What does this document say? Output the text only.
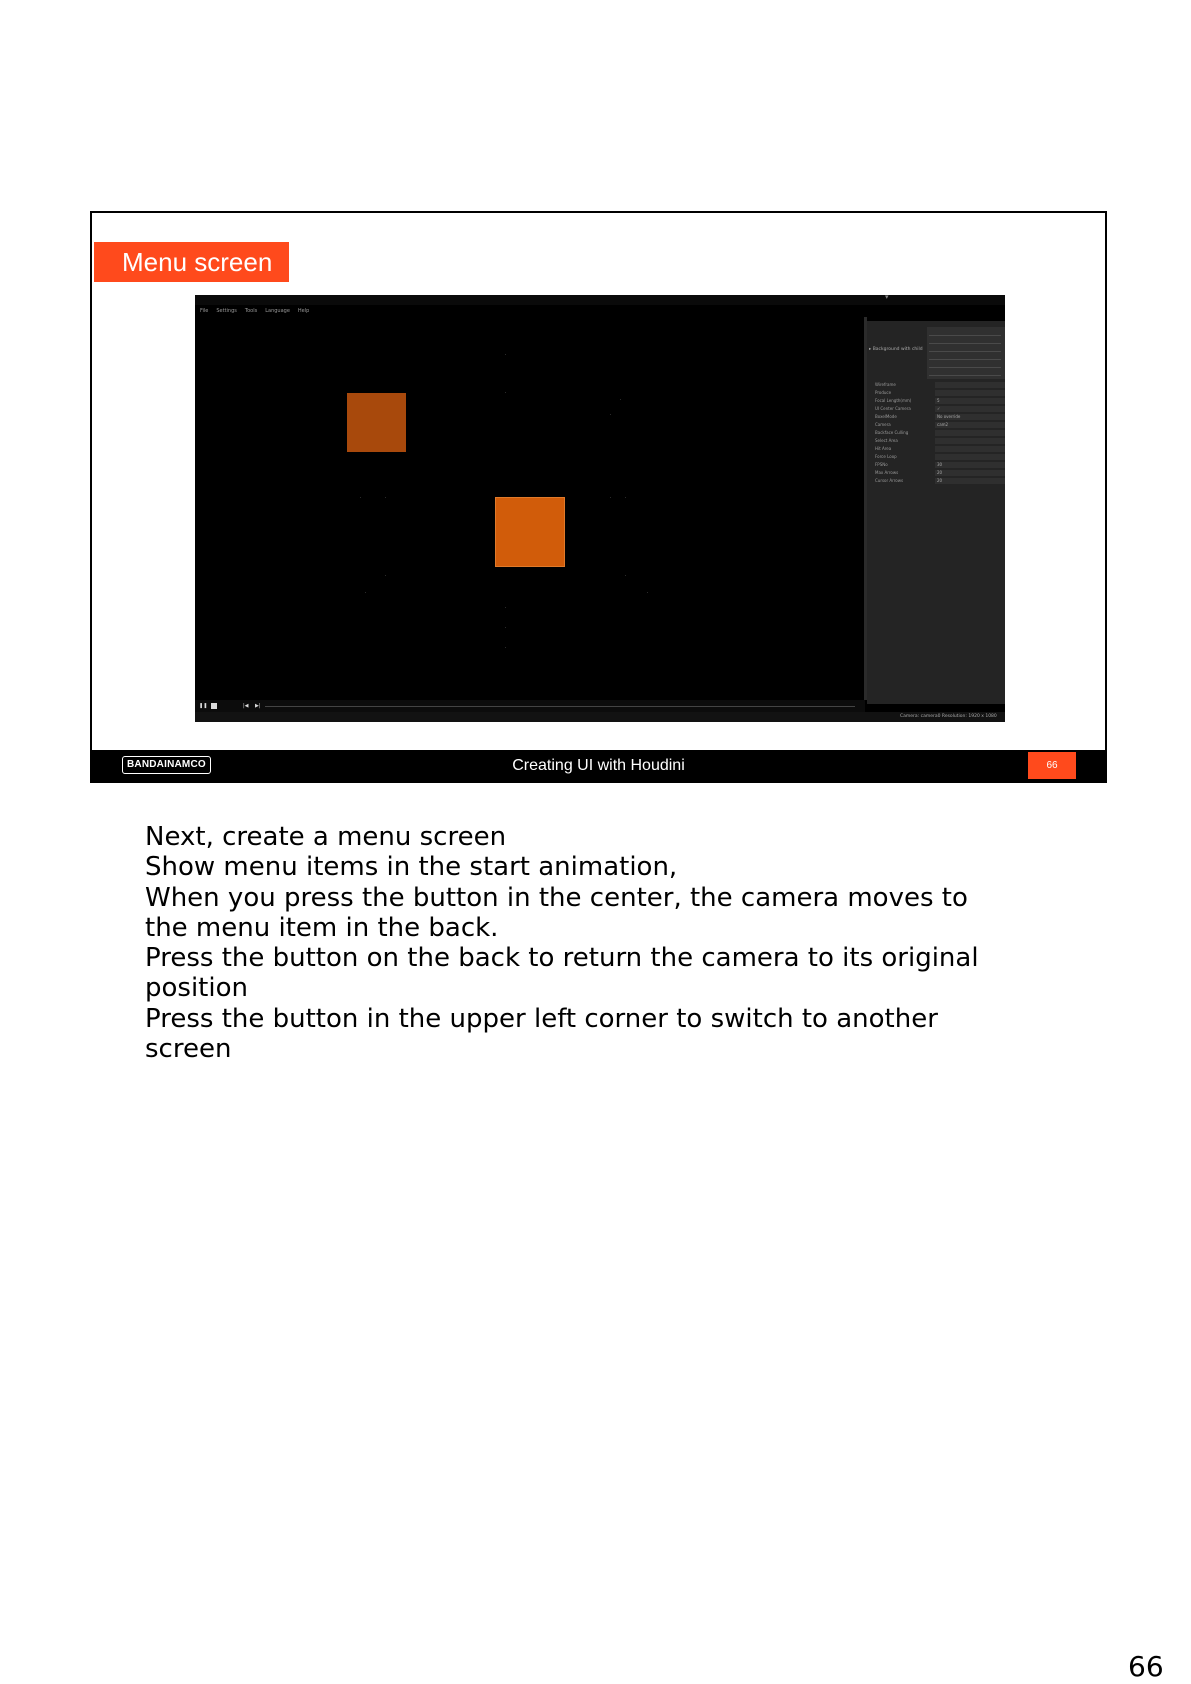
Menu screen
▾
File Settings Tools Language Help
▸ Background with child
Wireframe
Produce
Focal Length(mm)	5
UI Center Camera	✓
BoxelMode	No override
Camera	cam2
Backface Culling
Select Area
Hit Area
Force Loop
FPSNo	30
Max Arrows	20
Cursor Arrows	20
❚❚	|◀ ▶|
Camera: camera0 Resolution: 1920 x 1080
Creating UI with Houdini
BANDAINAMCO	66

Next, create a menu screen

Show menu items in the start animation,

When you press the button in the center, the camera moves to

the menu item in the back.

Press the button on the back to return the camera to its original

position

Press the button in the upper left corner to switch to another

screen

66
